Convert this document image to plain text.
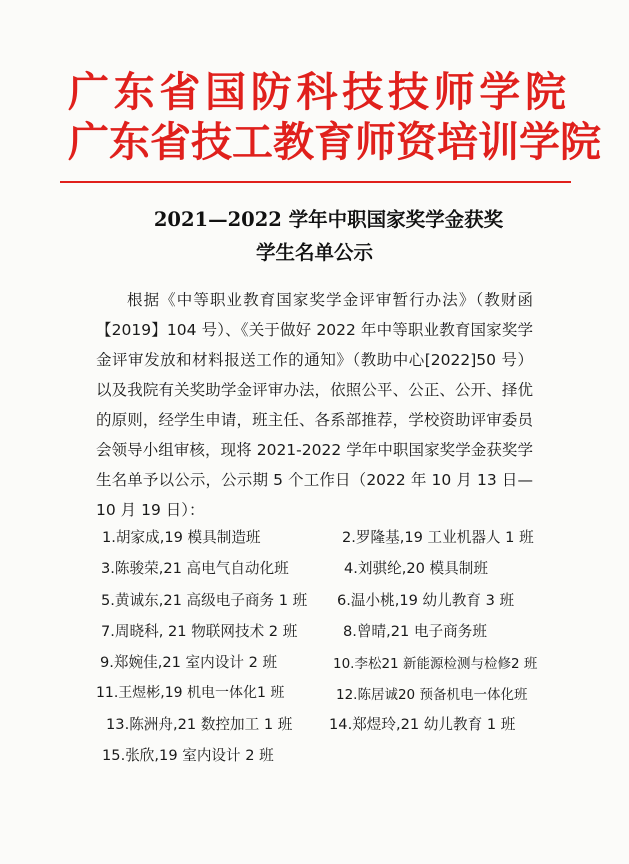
广东省国防科技技师学院
广东省技工教育师资培训学院
2021—2022 学年中职国家奖学金获奖
学生名单公示
根据《中等职业教育国家奖学金评审暂行办法》（教财函【2019】104 号）、《关于做好 2022 年中等职业教育国家奖学金评审发放和材料报送工作的通知》（教助中心[2022]50 号）以及我院有关奖助学金评审办法，依照公平、公正、公开、择优的原则，经学生申请，班主任、各系部推荐，学校资助评审委员会领导小组审核，现将 2021-2022 学年中职国家奖学金获奖学生名单予以公示，公示期 5 个工作日（2022 年 10 月 13 日—10 月 19 日）：
1.胡家成,19 模具制造班	2.罗隆基,19 工业机器人 1 班
3.陈骏荣,21 高电气自动化班	4.刘骐纶,20 模具制班
5.黄诚东,21 高级电子商务 1 班 6.温小桃,19 幼儿教育 3 班
7.周晓科, 21 物联网技术 2 班	8.曾晴,21 电子商务班
9.郑婉佳,21 室内设计 2 班	10.李松21 新能源检测与检修2 班
11.王煜彬,19 机电一体化1 班	12.陈居诚20 预备机电一体化班
13.陈洲舟,21 数控加工 1 班	14.郑煜玲,21 幼儿教育 1 班
15.张欣,19 室内设计 2 班
